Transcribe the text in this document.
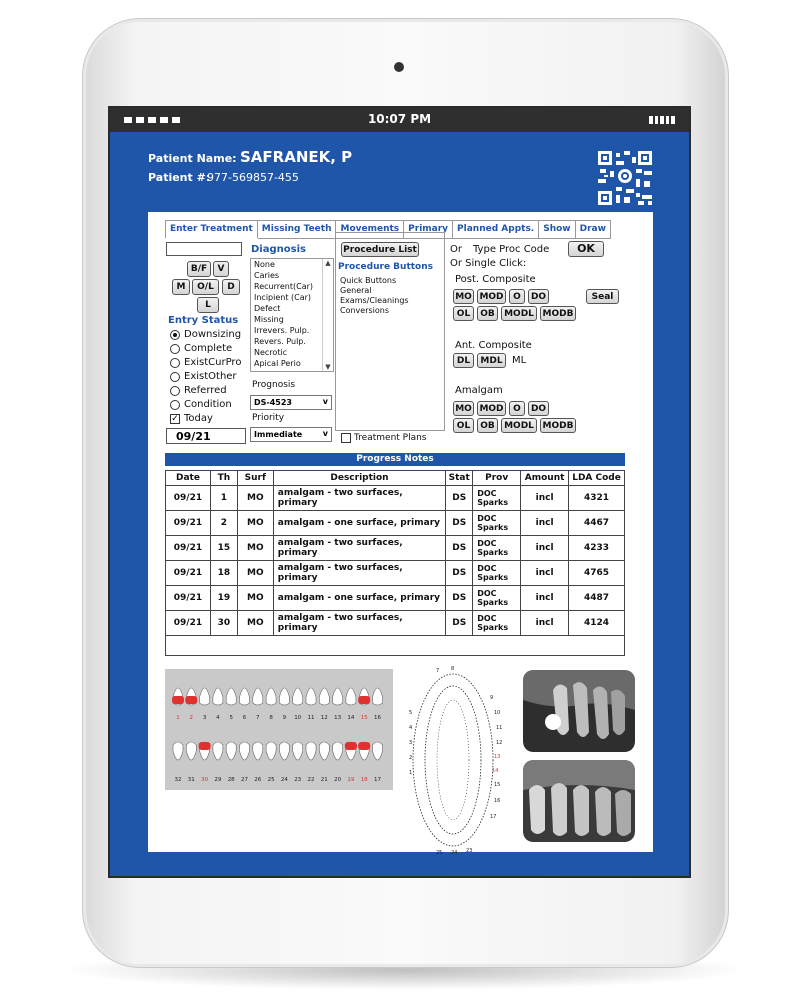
10:07 PM
Patient Name: SAFRANEK, P
Patient #:
977-569857-455
Enter Treatment	Missing Teeth	Movements	Primary	Planned Appts.	Show	Draw
B/F	V
M	O/L	D
L
Entry Status
Downsizing
Complete
ExistCurPro
ExistOther
Referred
Condition
✓ Today
09/21
Diagnosis
None
Caries
Recurrent(Car)
Incipient (Car)
Defect
Missing
Irrevers. Pulp.
Revers. Pulp.
Necrotic
Apical Perio
▲
▼
Prognosis
DS-4523	v
Priority
Immediate	v
Procedure List
Procedure Buttons
Quick Buttons
General
Exams/Cleanings
Conversions
Treatment Plans
Or Type Proc Code	OK
Or Single Click:
Post. Composite
MO MOD	O	DO	Seal
OL	OB	MODL MODB
Ant. Composite
DL	MDL ML
Amalgam
MO MOD	O	DO
OL	OB	MODL MODB
Progress Notes
Date	Th	Surf	Description	Stat	Prov	Amount	LDA Code
09/21	1	MO	amalgam - two surfaces, primary	DS	DOC
Sparks	incl	4321
09/21	2	MO	amalgam - one surface, primary	DS	DOC
Sparks	incl	4467
09/21	15	MO	amalgam - two surfaces, primary	DS	DOC
Sparks	incl	4233
09/21	18	MO	amalgam - two surfaces, primary	DS	DOC
Sparks	incl	4765
09/21	19	MO	amalgam - one surface, primary	DS	DOC
Sparks	incl	4487
09/21	30	MO	amalgam - two surfaces, primary	DS	DOC
Sparks	incl	4124
1 2 3 4 5 6 7 8 9 10 11 12 13 14 15 16
32 31 30 29 28 27 26 25 24 23 22 21 20 19 18 17
9
10
11
12
13
14
15
16
17
5
4
3
2
1
7 8
25 24 23
